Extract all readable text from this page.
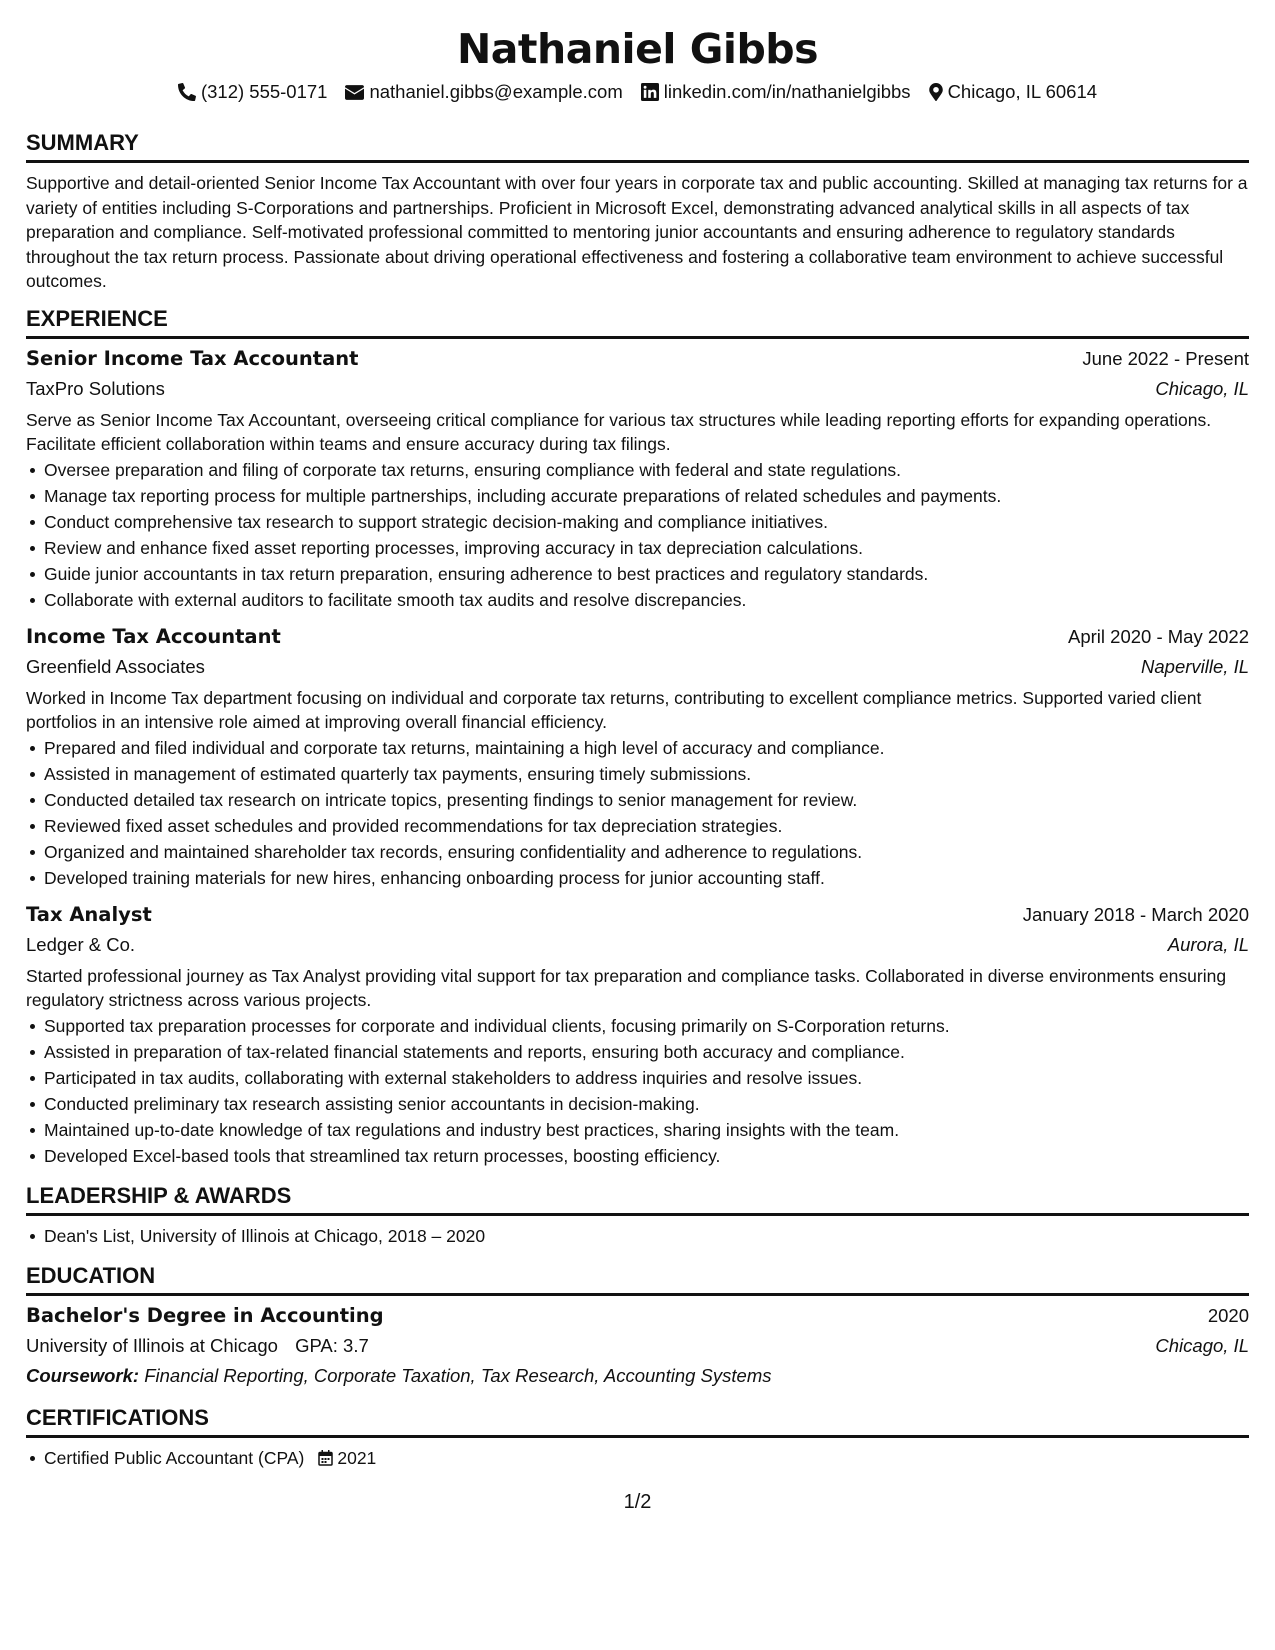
Nathaniel Gibbs
(312) 555-0171 nathaniel.gibbs@example.com linkedin.com/in/nathanielgibbs Chicago, IL 60614
SUMMARY
Supportive and detail-oriented Senior Income Tax Accountant with over four years in corporate tax and public accounting. Skilled at managing tax returns for a variety of entities including S-Corporations and partnerships. Proficient in Microsoft Excel, demonstrating advanced analytical skills in all aspects of tax preparation and compliance. Self-motivated professional committed to mentoring junior accountants and ensuring adherence to regulatory standards throughout the tax return process. Passionate about driving operational effectiveness and fostering a collaborative team environment to achieve successful outcomes.
EXPERIENCE
Senior Income Tax Accountant	June 2022 - Present
TaxPro Solutions	Chicago, IL
Serve as Senior Income Tax Accountant, overseeing critical compliance for various tax structures while leading reporting efforts for expanding operations. Facilitate efficient collaboration within teams and ensure accuracy during tax filings.
Oversee preparation and filing of corporate tax returns, ensuring compliance with federal and state regulations.
Manage tax reporting process for multiple partnerships, including accurate preparations of related schedules and payments.
Conduct comprehensive tax research to support strategic decision-making and compliance initiatives.
Review and enhance fixed asset reporting processes, improving accuracy in tax depreciation calculations.
Guide junior accountants in tax return preparation, ensuring adherence to best practices and regulatory standards.
Collaborate with external auditors to facilitate smooth tax audits and resolve discrepancies.
Income Tax Accountant	April 2020 - May 2022
Greenfield Associates	Naperville, IL
Worked in Income Tax department focusing on individual and corporate tax returns, contributing to excellent compliance metrics. Supported varied client portfolios in an intensive role aimed at improving overall financial efficiency.
Prepared and filed individual and corporate tax returns, maintaining a high level of accuracy and compliance.
Assisted in management of estimated quarterly tax payments, ensuring timely submissions.
Conducted detailed tax research on intricate topics, presenting findings to senior management for review.
Reviewed fixed asset schedules and provided recommendations for tax depreciation strategies.
Organized and maintained shareholder tax records, ensuring confidentiality and adherence to regulations.
Developed training materials for new hires, enhancing onboarding process for junior accounting staff.
Tax Analyst	January 2018 - March 2020
Ledger & Co.	Aurora, IL
Started professional journey as Tax Analyst providing vital support for tax preparation and compliance tasks. Collaborated in diverse environments ensuring regulatory strictness across various projects.
Supported tax preparation processes for corporate and individual clients, focusing primarily on S-Corporation returns.
Assisted in preparation of tax-related financial statements and reports, ensuring both accuracy and compliance.
Participated in tax audits, collaborating with external stakeholders to address inquiries and resolve issues.
Conducted preliminary tax research assisting senior accountants in decision-making.
Maintained up-to-date knowledge of tax regulations and industry best practices, sharing insights with the team.
Developed Excel-based tools that streamlined tax return processes, boosting efficiency.
LEADERSHIP & AWARDS
Dean's List, University of Illinois at Chicago, 2018 – 2020
EDUCATION
Bachelor's Degree in Accounting	2020
University of Illinois at Chicago GPA: 3.7	Chicago, IL
Coursework: Financial Reporting, Corporate Taxation, Tax Research, Accounting Systems
CERTIFICATIONS
Certified Public Accountant (CPA) 2021
1/2
